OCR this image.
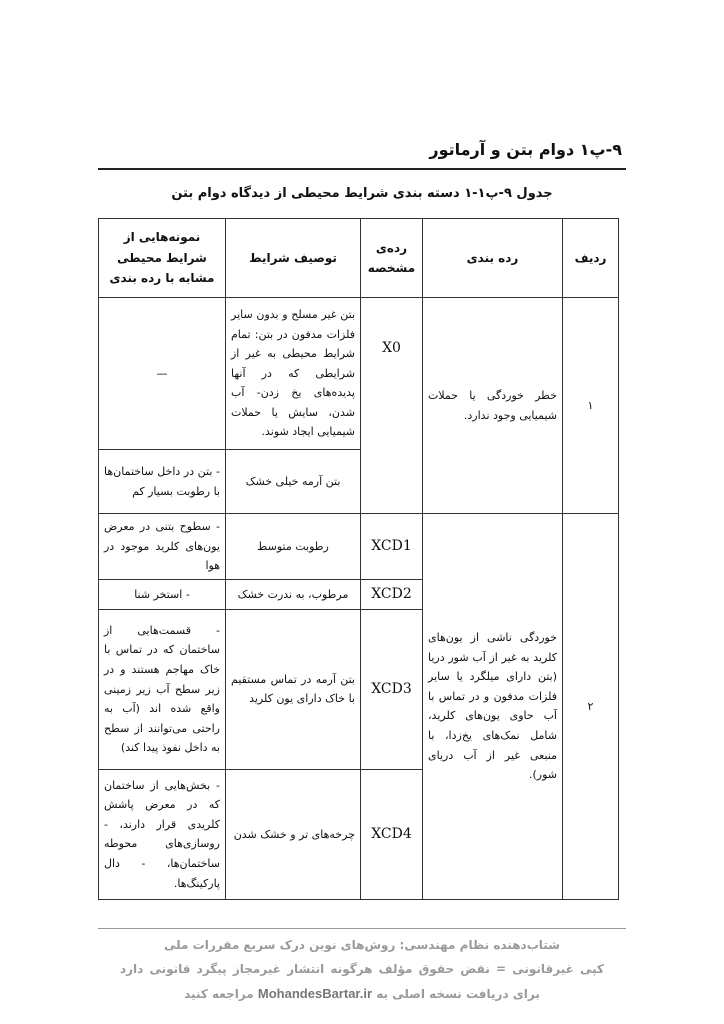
۹-پ۱ دوام بتن و آرماتور
جدول ۹-پ۱-۱ دسته بندی شرایط محیطی از دیدگاه دوام بتن
ردیف	رده بندی	رده‌ی مشخصه	توصیف شرایط	نمونه‌هایی از شرایط محیطی مشابه با رده بندی
۱	خطر خوردگی یا حملات شیمیایی وجود ندارد.	X0	بتن غیر مسلح و بدون سایر فلزات مدفون در بتن: تمام شرایط محیطی به غیر از شرایطی که در آنها پدیده‌های یخ زدن- آب شدن، سایش یا حملات شیمیایی ایجاد شوند.	—
			بتن آرمه خیلی خشک	- بتن در داخل ساختمان‌ها با رطوبت بسیار کم
۲	خوردگی ناشی از یون‌های کلرید به غیر از آب شور دریا (بتن دارای میلگرد یا سایر فلزات مدفون و در تماس با آب حاوی یون‌های کلرید، شامل نمک‌های یخ‌زدا، با منبعی غیر از آب دریای شور).	XCD1	رطوبت متوسط	- سطوح بتنی در معرض یون‌های کلرید موجود در هوا
		XCD2	مرطوب، به ندرت خشک	- استخر شنا
		XCD3	بتن آرمه در تماس مستقیم با خاک دارای یون کلرید	- قسمت‌هایی از ساختمان که در تماس با خاک مهاجم هستند و در زیر سطح آب زیر زمینی واقع شده اند (آب به راحتی می‌توانند از سطح به داخل نفوذ پیدا کند)
		XCD4	چرخه‌های تر و خشک شدن	- بخش‌هایی از ساختمان که در معرض پاشش کلریدی قرار دارند، - روسازی‌های محوطه ساختمان‌ها، - دال پارکینگ‌ها.
شتاب‌دهنده نظام مهندسی: روش‌های نوین درک سریع مقررات ملی
کپی غیرقانونی = نقض حقوق مؤلف هرگونه انتشار غیرمجاز پیگرد قانونی دارد
برای دریافت نسخه اصلی به MohandesBartar.ir مراجعه کنید
